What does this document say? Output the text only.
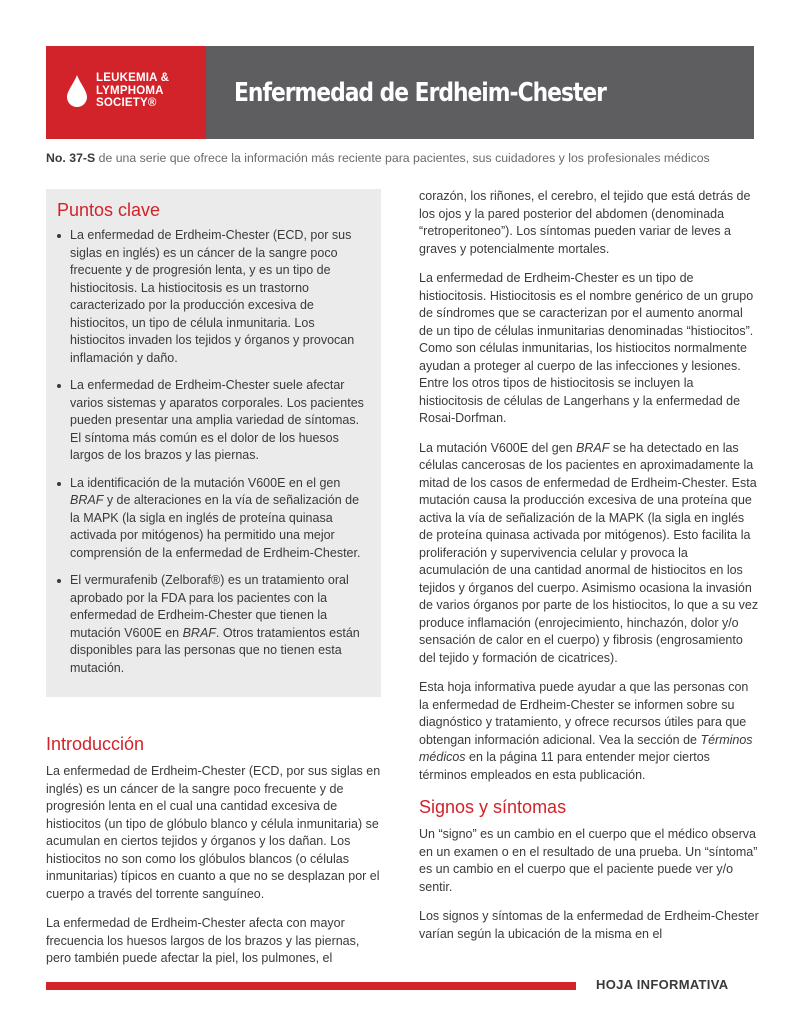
LEUKEMIA &
LYMPHOMA
SOCIETY®	Enfermedad de Erdheim-Chester
No. 37-S de una serie que ofrece la información más reciente para pacientes, sus cuidadores y los profesionales médicos
Puntos clave
La enfermedad de Erdheim-Chester (ECD, por sus siglas en inglés) es un cáncer de la sangre poco frecuente y de progresión lenta, y es un tipo de histiocitosis. La histiocitosis es un trastorno caracterizado por la producción excesiva de histiocitos, un tipo de célula inmunitaria. Los histiocitos invaden los tejidos y órganos y provocan inflamación y daño.
La enfermedad de Erdheim-Chester suele afectar varios sistemas y aparatos corporales. Los pacientes pueden presentar una amplia variedad de síntomas. El síntoma más común es el dolor de los huesos largos de los brazos y las piernas.
La identificación de la mutación V600E en el gen BRAF y de alteraciones en la vía de señalización de la MAPK (la sigla en inglés de proteína quinasa activada por mitógenos) ha permitido una mejor comprensión de la enfermedad de Erdheim-Chester.
El vermurafenib (Zelboraf®) es un tratamiento oral aprobado por la FDA para los pacientes con la enfermedad de Erdheim-Chester que tienen la mutación V600E en BRAF. Otros tratamientos están disponibles para las personas que no tienen esta mutación.
Introducción

La enfermedad de Erdheim-Chester (ECD, por sus siglas en inglés) es un cáncer de la sangre poco frecuente y de progresión lenta en el cual una cantidad excesiva de histiocitos (un tipo de glóbulo blanco y célula inmunitaria) se acumulan en ciertos tejidos y órganos y los dañan. Los histiocitos no son como los glóbulos blancos (o células inmunitarias) típicos en cuanto a que no se desplazan por el cuerpo a través del torrente sanguíneo.

La enfermedad de Erdheim-Chester afecta con mayor frecuencia los huesos largos de los brazos y las piernas, pero también puede afectar la piel, los pulmones, el

corazón, los riñones, el cerebro, el tejido que está detrás de los ojos y la pared posterior del abdomen (denominada “retroperitoneo”). Los síntomas pueden variar de leves a graves y potencialmente mortales.

La enfermedad de Erdheim-Chester es un tipo de histiocitosis. Histiocitosis es el nombre genérico de un grupo de síndromes que se caracterizan por el aumento anormal de un tipo de células inmunitarias denominadas “histiocitos”. Como son células inmunitarias, los histiocitos normalmente ayudan a proteger al cuerpo de las infecciones y lesiones. Entre los otros tipos de histiocitosis se incluyen la histiocitosis de células de Langerhans y la enfermedad de Rosai-Dorfman.

La mutación V600E del gen BRAF se ha detectado en las células cancerosas de los pacientes en aproximadamente la mitad de los casos de enfermedad de Erdheim-Chester. Esta mutación causa la producción excesiva de una proteína que activa la vía de señalización de la MAPK (la sigla en inglés de proteína quinasa activada por mitógenos). Esto facilita la proliferación y supervivencia celular y provoca la acumulación de una cantidad anormal de histiocitos en los tejidos y órganos del cuerpo. Asimismo ocasiona la invasión de varios órganos por parte de los histiocitos, lo que a su vez produce inflamación (enrojecimiento, hinchazón, dolor y/o sensación de calor en el cuerpo) y fibrosis (engrosamiento del tejido y formación de cicatrices).

Esta hoja informativa puede ayudar a que las personas con la enfermedad de Erdheim-Chester se informen sobre su diagnóstico y tratamiento, y ofrece recursos útiles para que obtengan información adicional. Vea la sección de Términos médicos en la página 11 para entender mejor ciertos términos empleados en esta publicación.

Signos y síntomas

Un “signo” es un cambio en el cuerpo que el médico observa en un examen o en el resultado de una prueba. Un “síntoma” es un cambio en el cuerpo que el paciente puede ver y/o sentir.

Los signos y síntomas de la enfermedad de Erdheim-Chester varían según la ubicación de la misma en el

HOJA INFORMATIVA
